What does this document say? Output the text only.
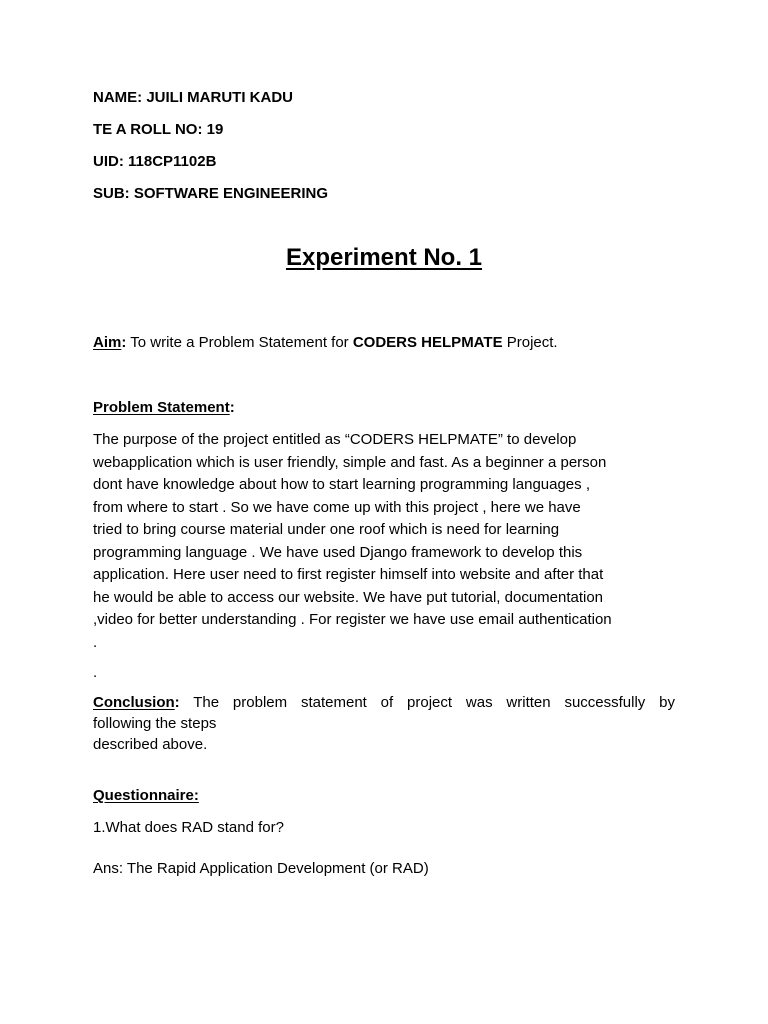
NAME: JUILI MARUTI KADU
TE A ROLL NO: 19
UID: 118CP1102B
SUB: SOFTWARE ENGINEERING
Experiment No. 1
Aim: To write a Problem Statement for CODERS HELPMATE Project.
Problem Statement:
The purpose of the project entitled as “CODERS HELPMATE” to develop
webapplication which is user friendly, simple and fast. As a beginner a person
dont have knowledge about how to start learning programming languages ,
from where to start . So we have come up with this project , here we have
tried to bring course material under one roof which is need for learning
programming language . We have used Django framework to develop this
application. Here user need to first register himself into website and after that
he would be able to access our website. We have put tutorial, documentation
,video for better understanding . For register we have use email authentication
.
.
Conclusion: The problem statement of project was written successfully by
following the steps
described above.
Questionnaire:
1.What does RAD stand for?
Ans: The Rapid Application Development (or RAD)
